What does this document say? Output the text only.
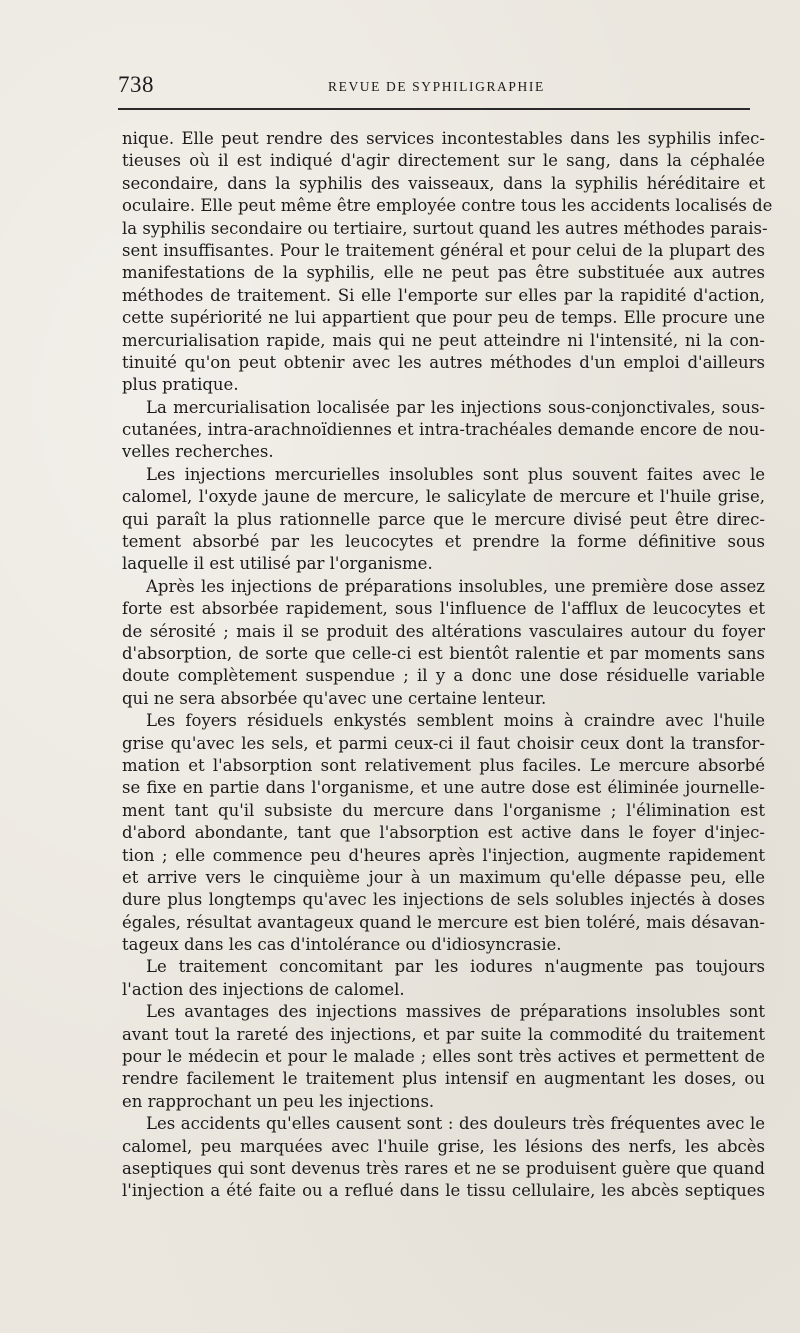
738	REVUE DE SYPHILIGRAPHIE
nique. Elle peut rendre des services incontestables dans les syphilis infec-
tieuses où il est indiqué d'agir directement sur le sang, dans la céphalée
secondaire, dans la syphilis des vaisseaux, dans la syphilis héréditaire et
oculaire. Elle peut même être employée contre tous les accidents localisés de
la syphilis secondaire ou tertiaire, surtout quand les autres méthodes parais-
sent insuffisantes. Pour le traitement général et pour celui de la plupart des
manifestations de la syphilis, elle ne peut pas être substituée aux autres
méthodes de traitement. Si elle l'emporte sur elles par la rapidité d'action,
cette supériorité ne lui appartient que pour peu de temps. Elle procure une
mercurialisation rapide, mais qui ne peut atteindre ni l'intensité, ni la con-
tinuité qu'on peut obtenir avec les autres méthodes d'un emploi d'ailleurs
plus pratique.
La mercurialisation localisée par les injections sous-conjonctivales, sous-
cutanées, intra-arachnoïdiennes et intra-trachéales demande encore de nou-
velles recherches.
Les injections mercurielles insolubles sont plus souvent faites avec le
calomel, l'oxyde jaune de mercure, le salicylate de mercure et l'huile grise,
qui paraît la plus rationnelle parce que le mercure divisé peut être direc-
tement absorbé par les leucocytes et prendre la forme définitive sous
laquelle il est utilisé par l'organisme.
Après les injections de préparations insolubles, une première dose assez
forte est absorbée rapidement, sous l'influence de l'afflux de leucocytes et
de sérosité ; mais il se produit des altérations vasculaires autour du foyer
d'absorption, de sorte que celle-ci est bientôt ralentie et par moments sans
doute complètement suspendue ; il y a donc une dose résiduelle variable
qui ne sera absorbée qu'avec une certaine lenteur.
Les foyers résiduels enkystés semblent moins à craindre avec l'huile
grise qu'avec les sels, et parmi ceux-ci il faut choisir ceux dont la transfor-
mation et l'absorption sont relativement plus faciles. Le mercure absorbé
se fixe en partie dans l'organisme, et une autre dose est éliminée journelle-
ment tant qu'il subsiste du mercure dans l'organisme ; l'élimination est
d'abord abondante, tant que l'absorption est active dans le foyer d'injec-
tion ; elle commence peu d'heures après l'injection, augmente rapidement
et arrive vers le cinquième jour à un maximum qu'elle dépasse peu, elle
dure plus longtemps qu'avec les injections de sels solubles injectés à doses
égales, résultat avantageux quand le mercure est bien toléré, mais désavan-
tageux dans les cas d'intolérance ou d'idiosyncrasie.
Le traitement concomitant par les iodures n'augmente pas toujours
l'action des injections de calomel.
Les avantages des injections massives de préparations insolubles sont
avant tout la rareté des injections, et par suite la commodité du traitement
pour le médecin et pour le malade ; elles sont très actives et permettent de
rendre facilement le traitement plus intensif en augmentant les doses, ou
en rapprochant un peu les injections.
Les accidents qu'elles causent sont : des douleurs très fréquentes avec le
calomel, peu marquées avec l'huile grise, les lésions des nerfs, les abcès
aseptiques qui sont devenus très rares et ne se produisent guère que quand
l'injection a été faite ou a reflué dans le tissu cellulaire, les abcès septiques
